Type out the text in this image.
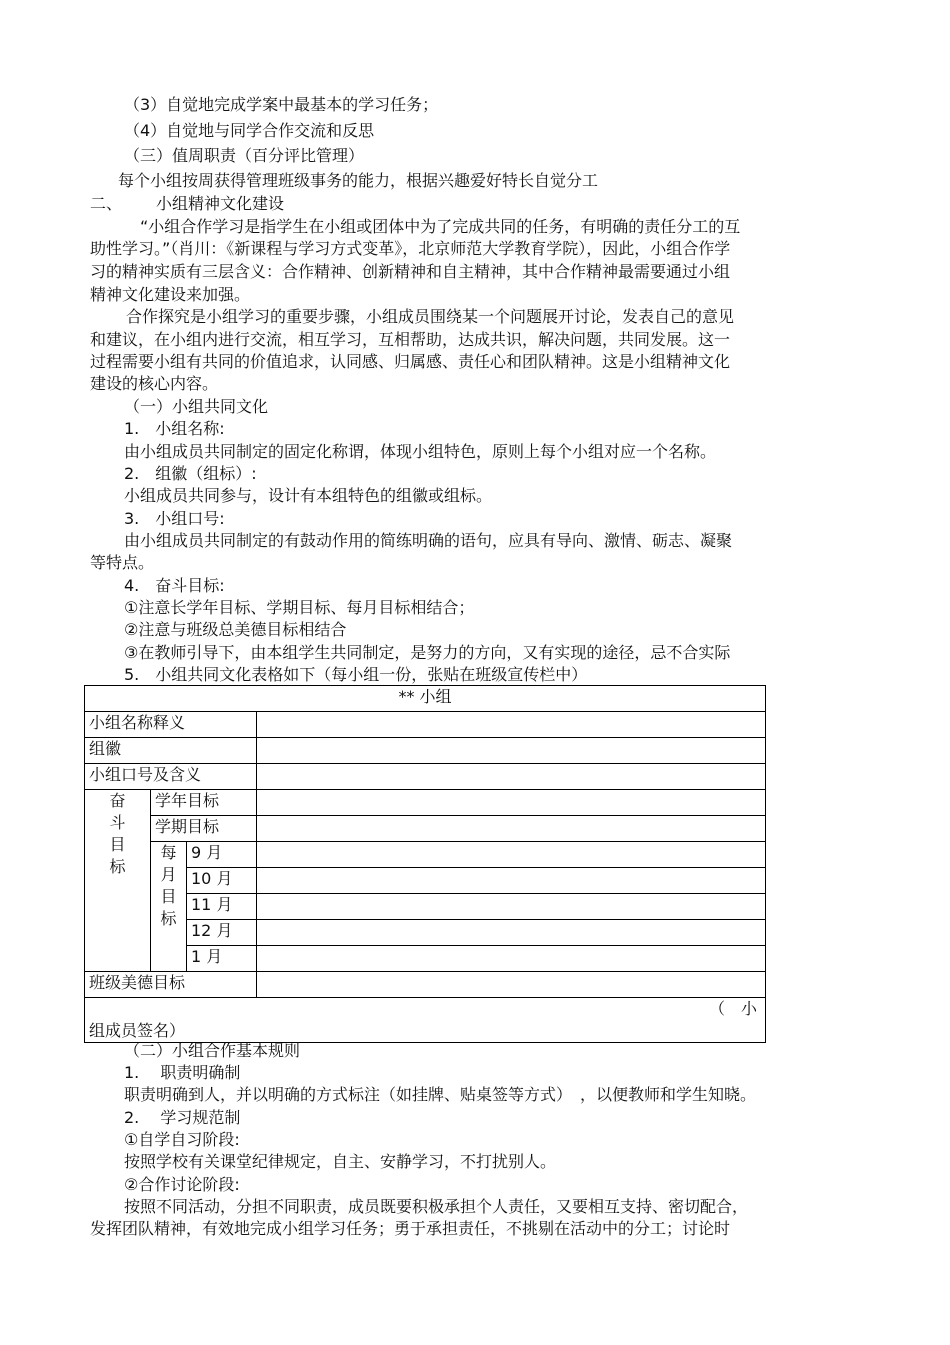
（3）自觉地完成学案中最基本的学习任务；
（4）自觉地与同学合作交流和反思
（三）值周职责（百分评比管理）
每个小组按周获得管理班级事务的能力，根据兴趣爱好特长自觉分工
二、 小组精神文化建设
“小组合作学习是指学生在小组或团体中为了完成共同的任务，有明确的责任分工的互
助性学习。”（肖川：《新课程与学习方式变革》，北京师范大学教育学院），因此，小组合作学
习的精神实质有三层含义：合作精神、创新精神和自主精神，其中合作精神最需要通过小组
精神文化建设来加强。
合作探究是小组学习的重要步骤，小组成员围绕某一个问题展开讨论，发表自己的意见
和建议，在小组内进行交流，相互学习，互相帮助，达成共识，解决问题，共同发展。这一
过程需要小组有共同的价值追求，认同感、归属感、责任心和团队精神。这是小组精神文化
建设的核心内容。
（一）小组共同文化
1.　小组名称:
由小组成员共同制定的固定化称谓，体现小组特色，原则上每个小组对应一个名称。
2.　组徽（组标）:
小组成员共同参与，设计有本组特色的组徽或组标。
3.　小组口号:
由小组成员共同制定的有鼓动作用的简练明确的语句，应具有导向、激情、砺志、凝聚
等特点。
4.　奋斗目标:
①注意长学年目标、学期目标、每月目标相结合；
②注意与班级总美德目标相结合
③在教师引导下，由本组学生共同制定，是努力的方向，又有实现的途径，忌不合实际
5.　小组共同文化表格如下（每小组一份，张贴在班级宣传栏中）
** 小组			
小组名称释义			
组徽			
小组口号及含义			

奋斗目标	学年目标		
	学期目标		

	每月目标	9 月	
		10 月	
		11 月	
		12 月	
		1 月	
班级美德目标			

（　小
组成员签名）			
（二）小组合作基本规则
1.　 职责明确制
职责明确到人，并以明确的方式标注（如挂牌、贴桌签等方式）　，以便教师和学生知晓。
2.　 学习规范制
①自学自习阶段:
按照学校有关课堂纪律规定，自主、安静学习，不打扰别人。
②合作讨论阶段:
按照不同活动，分担不同职责，成员既要积极承担个人责任，又要相互支持、密切配合，
发挥团队精神，有效地完成小组学习任务；勇于承担责任，不挑剔在活动中的分工；讨论时
